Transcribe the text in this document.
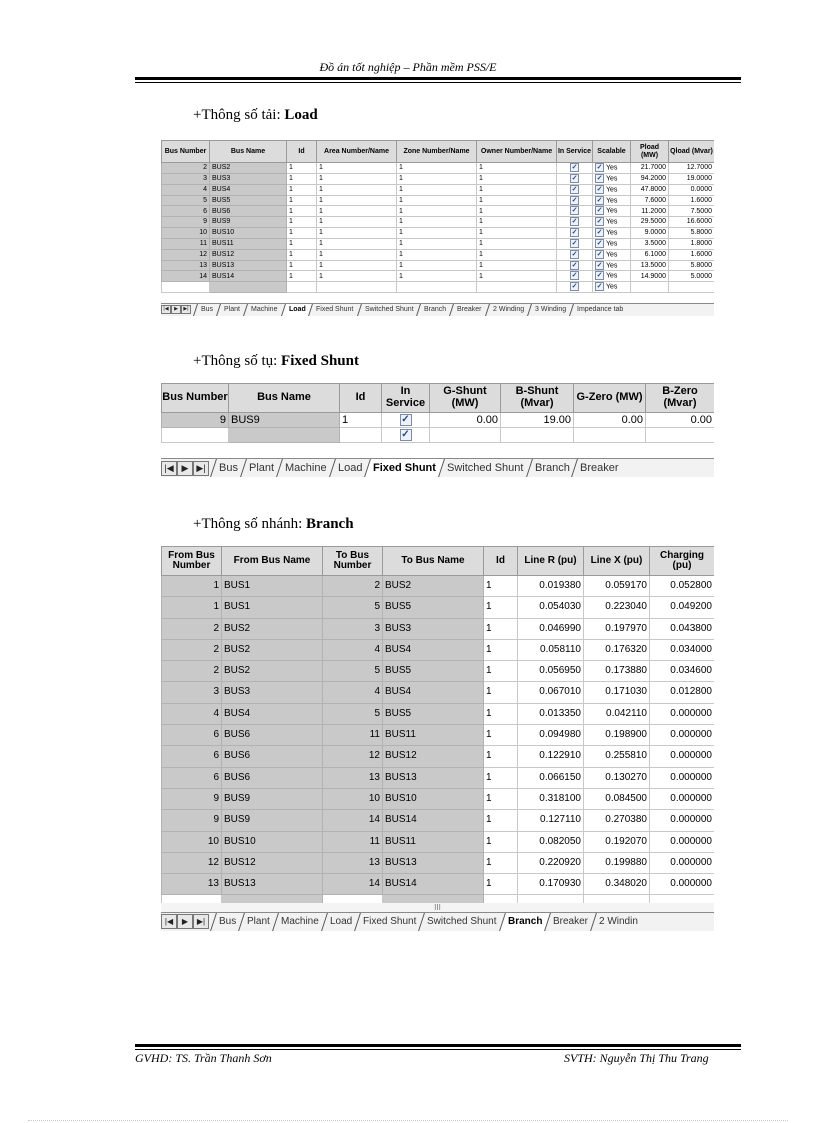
Đồ án tốt nghiệp – Phần mềm PSS/E
+Thông số tải: Load
Bus Number	Bus Name	Id	Area Number/Name	Zone Number/Name	Owner Number/Name	In Service	Scalable	Pload (MW)	Qload (Mvar)
2	BUS2	1	1	1	1	✓	✓ Yes	21.7000	12.7000
3	BUS3	1	1	1	1	✓	✓ Yes	94.2000	19.0000
4	BUS4	1	1	1	1	✓	✓ Yes	47.8000	0.0000
5	BUS5	1	1	1	1	✓	✓ Yes	7.6000	1.6000
6	BUS6	1	1	1	1	✓	✓ Yes	11.2000	7.5000
9	BUS9	1	1	1	1	✓	✓ Yes	29.5000	16.6000
10	BUS10	1	1	1	1	✓	✓ Yes	9.0000	5.8000
11	BUS11	1	1	1	1	✓	✓ Yes	3.5000	1.8000
12	BUS12	1	1	1	1	✓	✓ Yes	6.1000	1.6000
13	BUS13	1	1	1	1	✓	✓ Yes	13.5000	5.8000
14	BUS14	1	1	1	1	✓	✓ Yes	14.9000	5.0000
						✓	✓ Yes		
|◀ ▶ ▶| Bus Plant Machine Load Fixed Shunt Switched Shunt Branch Breaker 2 Winding 3 Winding Impedance tab
+Thông số tụ: Fixed Shunt
Bus Number	Bus Name	Id	In Service	G-Shunt (MW)	B-Shunt (Mvar)	G-Zero (MW)	B-Zero (Mvar)
9	BUS9	1	✓	0.00	19.00	0.00	0.00
			✓				
|◀ ▶ ▶| Bus Plant Machine Load Fixed Shunt Switched Shunt Branch Breaker
+Thông số nhánh: Branch
From Bus Number	From Bus Name	To Bus Number	To Bus Name	Id	Line R (pu)	Line X (pu)	Charging (pu)
1	BUS1	2	BUS2	1	0.019380	0.059170	0.052800
1	BUS1	5	BUS5	1	0.054030	0.223040	0.049200
2	BUS2	3	BUS3	1	0.046990	0.197970	0.043800
2	BUS2	4	BUS4	1	0.058110	0.176320	0.034000
2	BUS2	5	BUS5	1	0.056950	0.173880	0.034600
3	BUS3	4	BUS4	1	0.067010	0.171030	0.012800
4	BUS4	5	BUS5	1	0.013350	0.042110	0.000000
6	BUS6	11	BUS11	1	0.094980	0.198900	0.000000
6	BUS6	12	BUS12	1	0.122910	0.255810	0.000000
6	BUS6	13	BUS13	1	0.066150	0.130270	0.000000
9	BUS9	10	BUS10	1	0.318100	0.084500	0.000000
9	BUS9	14	BUS14	1	0.127110	0.270380	0.000000
10	BUS10	11	BUS11	1	0.082050	0.192070	0.000000
12	BUS12	13	BUS13	1	0.220920	0.199880	0.000000
13	BUS13	14	BUS14	1	0.170930	0.348020	0.000000

III
|◀ ▶ ▶| Bus Plant Machine Load Fixed Shunt Switched Shunt Branch Breaker 2 Windin
GVHD: TS. Trần Thanh Sơn	SVTH: Nguyễn Thị Thu Trang
